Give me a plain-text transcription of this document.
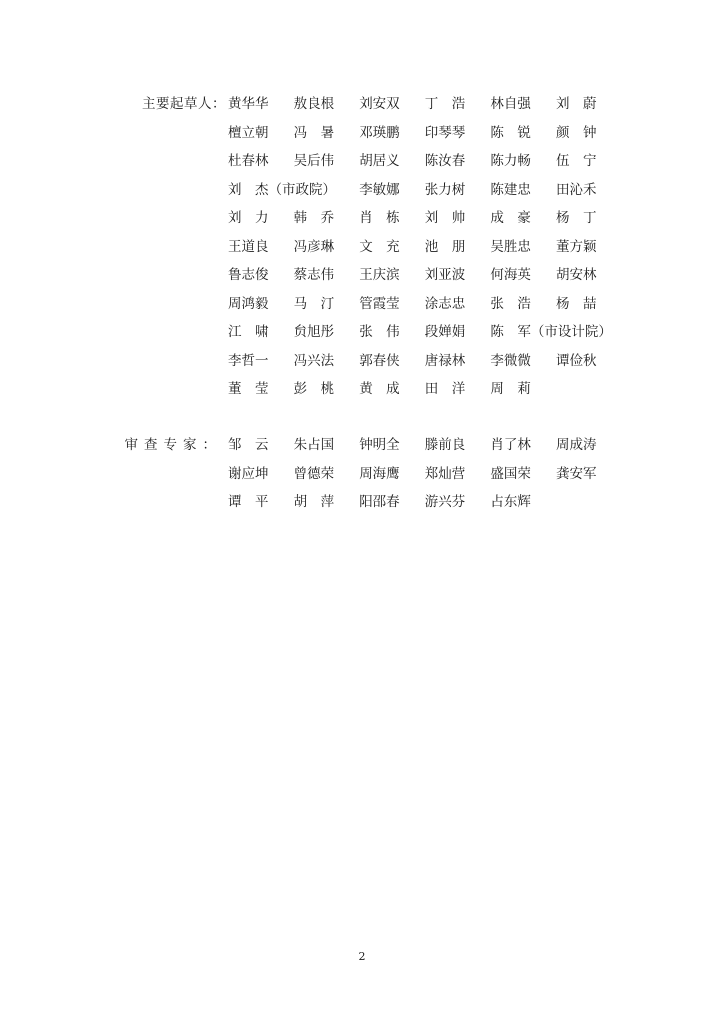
主要起草人： 黄华华	敖良根	刘安双	丁　浩	林自强	刘　蔚
檀立朝	冯　暑	邓瑛鹏	印琴琴	陈　锐	颜　钟
杜春林	吴后伟	胡居义	陈汝春	陈力畅	伍　宁
刘　杰（市政院） 李敏娜	张力树	陈建忠	田沁禾
刘　力	韩　乔	肖　栋	刘　帅	成　豪	杨　丁
王道良	冯彦琳	文　充	池　朋	吴胜忠	董方颖
鲁志俊	蔡志伟	王庆滨	刘亚波	何海英	胡安林
周鸿毅	马　汀	管霞莹	涂志忠	张　浩	杨　喆
江　啸	贠旭彤	张　伟	段婵娟	陈　军（市设计院）
李哲一	冯兴法	郭春侠	唐禄林	李微微	谭俭秋
董　莹	彭　桃	黄　成	田　洋	周　莉
审查专家： 邹　云	朱占国	钟明全	滕前良	肖了林	周成涛
谢应坤	曾德荣	周海鹰	郑灿营	盛国荣	龚安军
谭　平	胡　萍	阳邵春	游兴芬	占东辉
2
